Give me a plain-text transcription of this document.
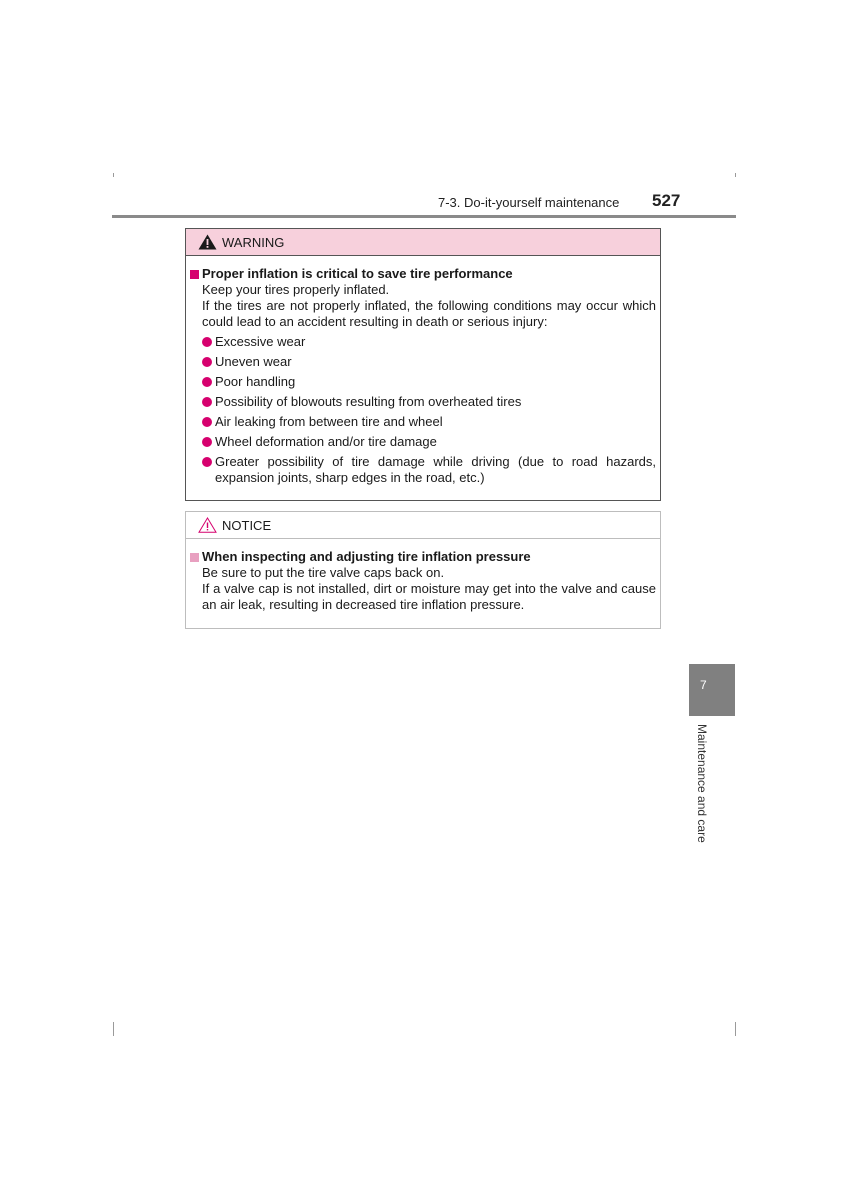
7-3. Do-it-yourself maintenance 527
WARNING
Proper inflation is critical to save tire performance
Keep your tires properly inflated.
If the tires are not properly inflated, the following conditions may occur which could lead to an accident resulting in death or serious injury:
Excessive wear
Uneven wear
Poor handling
Possibility of blowouts resulting from overheated tires
Air leaking from between tire and wheel
Wheel deformation and/or tire damage
Greater possibility of tire damage while driving (due to road hazards, expansion joints, sharp edges in the road, etc.)
NOTICE
When inspecting and adjusting tire inflation pressure
Be sure to put the tire valve caps back on.
If a valve cap is not installed, dirt or moisture may get into the valve and cause an air leak, resulting in decreased tire inflation pressure.
7
Maintenance and care
